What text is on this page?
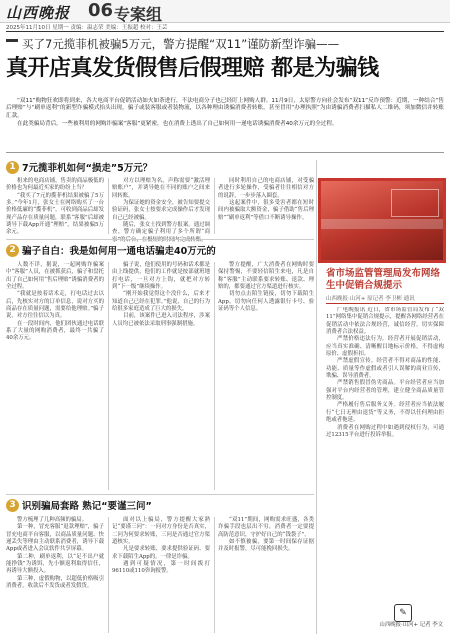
山西晚报 06 专案组
2025年11月10日 星期一 责编：温志荣 美编：王振超 校对：王芸
买了7元揽菲机被骗5万元，警方提醒“双11”谨防新型诈骗——
真开店真发货假售后假理赔 都是为骗钱

“双11”购物狂欢即将到来，各大电商平台促销活动如火如荼进行，不法电商分子也已经盯上网购人群。11月9日，太原警方向社会发布“双11”反诈预警：近期，一种结合“售后理赔”与“刷单返利”的新型诈骗模式抬头出现，骗子或装客服或者装物流，以各种理由诱骗消费者转账，甚至冒用“办理执照”为由诱骗消费者扫描私人二维码，须加微信并转账汇款。

在此类骗局背后，一些被利用的网购诈骗案“客服”更紧密，也在消费上透出了自己如何用一递电话诱骗消费者40余万元的全过程。

1 7元揽菲机如何“损走”5万元？

租来的电商店铺，售卖的商品极低的价格也为何最近买家的纷纷上当？

“我买了7元的揽菲机结果被骗了5万多。”今年1月，张女士在网络购买了一台价格低廉的“揽菲机”，可收到商品后却发现产品存在质量问题，联系“客服”后却被诱导下载App开通“理赔”，结果被骗5万余元。

对方以理赔为名，声称需要“激活理赔账户”，并诱导她在不同的账户之间来回转账。

为保证她的资金安全，被告知要提交验证码，张女士按要求完成操作后才发现自己已经被骗。

随后，张女士找到警方报案。通过调查，警方确定骗子利用了多个所谓“商

同时利用自己的电商店铺，对受骗者进行多轮操作，受骗者往往相信对方的说辞，一步步落入圈套。

这起案件中，很多受害者都在短时间内被骗取大额资金，骗子借助“售后理赔”“刷单返利”等借口不断诱导操作。

2 骗子自白：我是如何用一通电话骗走40万元的

人数不详，据说，一起网购诈骗案中“客服”人员，在被抓获后，骗子和盘托出了自己如何用“售后理赔”诱骗消费者的全过程。

“我就是按着话术走，打电话过去以后，先核实对方的订单信息，说对方买的商品存在质量问题，需要给他理赔。”骗子说，对方往往信以为真。

在一段时间内，他们团伙通过电话联系了大量的网购消费者，最终一共骗了40余万元。

骗子说，他们使用的号码和话术都是由上线提供，他们的工作就是按部就班地打电话，一旦对方上钩，就把对方转到“下一级”继续操作。

“刚开始我觉得这个没什么，后来才知道自己已经在犯罪。”他说，自己的行为给很多家庭造成了巨大的损失。

目前，该案件已进入司法程序，涉案人员均已被依法采取刑事强制措施。

警方提醒，广大消费者在网购时要保持警惕，不要轻信陌生来电，凡是自称“客服”主动联系要求转账、退款、理赔的，都要通过官方渠道进行核实。

切勿点击陌生链接，切勿下载陌生App，切勿向任何人透露银行卡号、验证码等个人信息。

3 识别骗局套路 熟记“要谨三问”

警方梳理了几种高频的骗局。

第一种，冒充客服“退款理赔”，骗子冒充电商平台客服，以商品质量问题、快递丢失等理由主动联系消费者，诱导下载App或者进入会议软件共享屏幕。

第二种，刷单返利，以“足不出户就能挣钱”为诱饵，先小额返利取得信任，再诱导大额投入。

第三种，虚假购物，以超低价格吸引消费者，收款后不发货或者发假货。

面对以上骗局，警方提醒大家熟记“要谨三问”：一问对方身份是否真实，二问为何要求转账，三问是否通过官方渠道核实。

凡是要求转账、要求提供验证码、要求下载陌生App的，一律是诈骗。

遇到可疑情况，第一时间拨打96110或110咨询报警。

“双11”期间，网购需求旺盛，各类诈骗手段也层出不穷，消费者一定要提高防范意识，守护好自己的“钱袋子”。

如不慎被骗，要第一时间保存证据并及时报警，尽可能挽回损失。

省市场监管管理局发布网络生中促销合规提示
山西晚报·山河+ 原记者 李卫彬 通讯

广电晚报讯 近日，省市场监管局发布了“双11”网络集中促销合规提示，提醒各网络经营者在促销活动中依法合规经营，诚信经营，切实保障消费者合法权益。

严禁价格违法行为。经营者开展促销活动，应当真实准确、清晰醒目地标示价格，不得虚构原价、虚假折扣。

严禁虚假宣传。经营者不得对商品的性能、功能、质量等作虚假或者引人误解的商业宣传，欺骗、误导消费者。

严禁销售假冒伪劣商品。平台经营者应当加强对平台内经营者的管理，建立健全商品质量管控制度。

严格履行售后服务义务。经营者应当依法履行“七日无理由退货”等义务，不得以任何理由拒绝或者拖延。

消费者在网购过程中如遇到侵权行为，可通过12315平台进行投诉举报。

✎
山西晚报·山河+ 记者 李文
